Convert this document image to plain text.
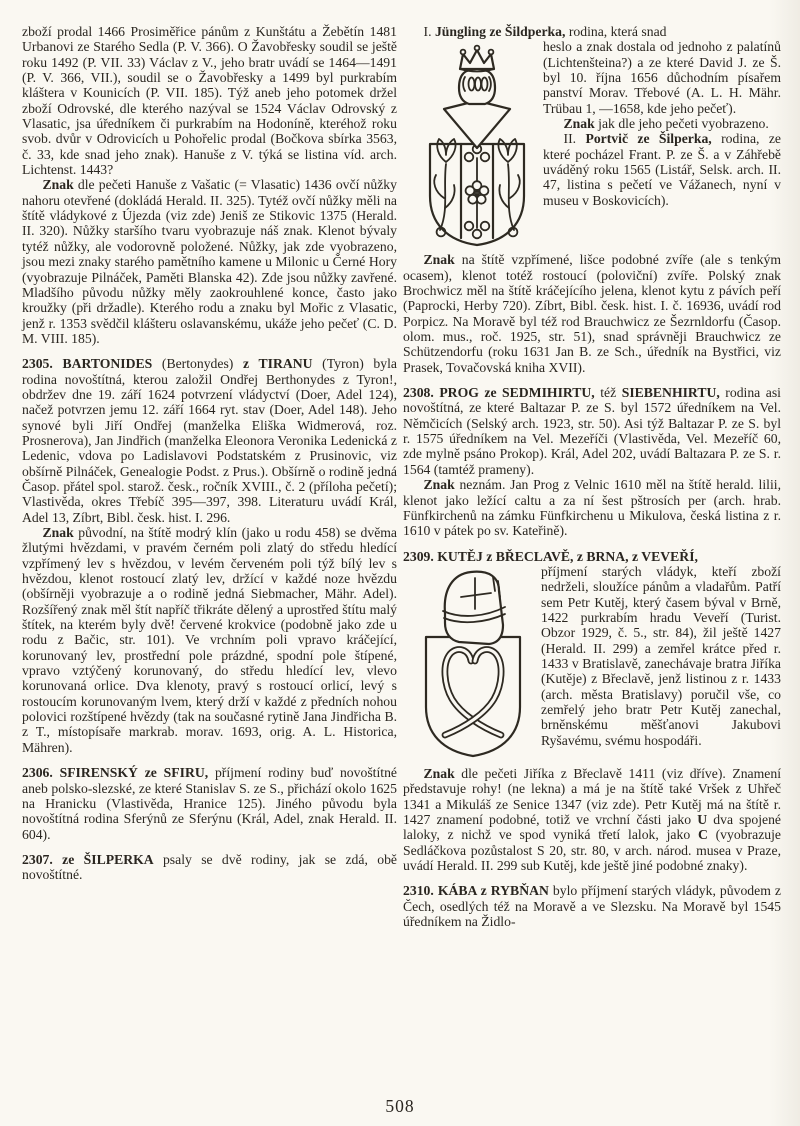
zboží prodal 1466 Prosiměřice pánům z Kunštátu a Žebětín 1481 Urbanovi ze Starého Sedla (P. V. 366). O Žavobřesky soudil se ještě roku 1492 (P. VII. 33) Václav z V., jeho bratr uvádí se 1464—1491 (P. V. 366, VII.), soudil se o Žavobřesky a 1499 byl purkrabím kláštera v Kounicích (P. VII. 185). Týž aneb jeho potomek držel zboží Odrovské, dle kterého nazýval se 1524 Václav Odrovský z Vlasatic, jsa úředníkem či purkrabím na Hodoníně, kteréhož roku svob. dvůr v Odrovicích u Pohořelic prodal (Bočkova sbírka 3563, č. 33, kde snad jeho znak). Hanuše z V. týká se listina víd. arch. Lichtenst. 1443?

Znak dle pečeti Hanuše z Vašatic (= Vlasatic) 1436 ovčí nůžky nahoru otevřené (dokládá Herald. II. 325). Tytéž ovčí nůžky měli na štítě vládykové z Újezda (viz zde) Jeniš ze Stikovic 1375 (Herald. II. 320). Nůžky staršího tvaru vyobrazuje náš znak. Klenot bývaly tytéž nůžky, ale vodorovně položené. Nůžky, jak zde vyobrazeno, jsou mezi znaky starého pamětního kamene u Milonic u Černé Hory (vyobrazuje Pilnáček, Paměti Blanska 42). Zde jsou nůžky zavřené. Mladšího původu nůžky měly zaokrouhlené konce, často jako kroužky (při držadle). Kterého rodu a znaku byl Mořic z Vlasatic, jenž r. 1353 svědčil klášteru oslavanskému, ukáže jeho pečeť (C. D. M. VIII. 185).

2305. BARTONIDES (Bertonydes) z TIRANU (Tyron) byla rodina novoštítná, kterou založil Ondřej Berthonydes z Tyron!, obdržev dne 19. září 1624 potvrzení vládyctví (Doer, Adel 124), načež potvrzen jemu 12. září 1664 ryt. stav (Doer, Adel 148). Jeho synové byli Jiří Ondřej (manželka Eliška Widmerová, roz. Prosnerova), Jan Jindřich (manželka Eleonora Veronika Ledenická z Ledenic, vdova po Ladislavovi Podstatském z Prusinovic, viz obšírně Pilnáček, Genealogie Podst. z Prus.). Obšírně o rodině jedná Časop. přátel spol. starož. česk., ročník XVIII., č. 2 (příloha pečetí); Vlastivěda, okres Třebíč 395—397, 398. Literaturu uvádí Král, Adel 13, Zíbrt, Bibl. česk. hist. I. 296.

Znak původní, na štítě modrý klín (jako u rodu 458) se dvěma žlutými hvězdami, v pravém černém poli zlatý do středu hledící vzpřímený lev s hvězdou, v levém červeném poli týž bílý lev s hvězdou, klenot rostoucí zlatý lev, držící v každé noze hvězdu (obšírněji vyobrazuje a o rodině jedná Siebmacher, Mähr. Adel). Rozšířený znak měl štít napříč třikráte dělený a uprostřed štítu malý štítek, na kterém byly dvě! červené krokvice (podobně jako zde u rodu z Bačic, str. 101). Ve vrchním poli vpravo kráčející, korunovaný lev, prostřední pole prázdné, spodní pole štípené, vpravo vztýčený korunovaný, do středu hledící lev, vlevo korunovaná orlice. Dva klenoty, pravý s rostoucí orlicí, levý s rostoucím korunovaným lvem, který drží v každé z předních nohou polovici rozštípené hvězdy (tak na současné rytině Jana Jindřicha B. z T., místopísaře markrab. morav. 1693, orig. A. L. Historica, Mähren).

2306. SFIRENSKÝ ze SFIRU, příjmení rodiny buď novoštítné aneb polsko-slezské, ze které Stanislav S. ze S., přichází okolo 1625 na Hranicku (Vlastivěda, Hranice 125). Jiného původu byla novoštítná rodina Sferýnů ze Sferýnu (Král, Adel, znak Herald. II. 604).

2307. ze ŠILPERKA psaly se dvě rodiny, jak se zdá, obě novoštítné.

I. Jüngling ze Šildperka, rodina, která snad

heslo a znak dostala od jednoho z palatínů (Lichtenšteina?) a ze které David J. ze Š. byl 10. října 1656 důchodním písařem panství Morav. Třebové (A. L. H. Mähr. Trübau 1, —1658, kde jeho pečeť).

Znak jak dle jeho pečeti vyobrazeno.

II. Portvič ze Šilperka, rodina, ze které pocházel Frant. P. ze Š. a v Záhřebě uváděný roku 1565 (Listář, Selsk. arch. II. 47, listina s pečetí ve Vážanech, nyní v museu v Boskovicích).

Znak na štítě vzpřímené, lišce podobné zvíře (ale s tenkým ocasem), klenot totéž rostoucí (poloviční) zvíře. Polský znak Brochwicz měl na štítě kráčejícího jelena, klenot kytu z pávích peří (Paprocki, Herby 720). Zíbrt, Bibl. česk. hist. I. č. 16936, uvádí rod Porpicz. Na Moravě byl též rod Brauchwicz ze Šezrnldorfu (Časop. olom. mus., roč. 1925, str. 51), snad správněji Brauchwicz ze Schützendorfu (roku 1631 Jan B. ze Sch., úředník na Bystřici, viz Prasek, Tovačovská kniha XVII).

2308. PROG ze SEDMIHIRTU, též SIEBENHIRTU, rodina asi novoštítná, ze které Baltazar P. ze S. byl 1572 úředníkem na Vel. Němčicích (Selský arch. 1923, str. 50). Asi týž Baltazar P. ze S. byl r. 1575 úředníkem na Vel. Mezeříči (Vlastivěda, Vel. Mezeříč 60, zde mylně psáno Prokop). Král, Adel 202, uvádí Baltazara P. ze S. r. 1564 (tamtéž prameny).

Znak neznám. Jan Prog z Velnic 1610 měl na štítě herald. lilii, klenot jako ležící caltu a za ní šest pštrosích per (arch. hrab. Fünfkirchenů na zámku Fünfkirchenu u Mikulova, česká listina z r. 1610 v pátek po sv. Kateřině).

2309. KUTĚJ z BŘECLAVĚ, z BRNA, z VEVEŘÍ,

příjmení starých vládyk, kteří zboží nedrželi, sloužíce pánům a vladařům. Patří sem Petr Kutěj, který časem býval v Brně, 1422 purkrabím hradu Veveří (Turist. Obzor 1929, č. 5., str. 84), žil ještě 1427 (Herald. II. 299) a zemřel krátce před r. 1433 v Bratislavě, zanechávaje bratra Jiříka (Kutěje) z Břeclavě, jenž listinou z r. 1433 (arch. města Bratislavy) poručil vše, co zemřelý jeho bratr Petr Kutěj zanechal, brněnskému měšťanovi Jakubovi Ryšavému, svému hospodáři.

Znak dle pečeti Jiříka z Břeclavě 1411 (viz dříve). Znamení představuje rohy! (ne lekna) a má je na štítě také Vršek z Uhřeč 1341 a Mikuláš ze Senice 1347 (viz zde). Petr Kutěj má na štítě r. 1427 znamení podobné, totiž ve vrchní části jako U dva spojené laloky, z nichž ve spod vyniká třetí lalok, jako C (vyobrazuje Sedláčkova pozůstalost S 20, str. 80, v arch. národ. musea v Praze, uvádí Herald. II. 299 sub Kutěj, kde ještě jiné podobné znaky).

2310. KÁBA z RYBŇAN bylo příjmení starých vládyk, původem z Čech, osedlých též na Moravě a ve Slezsku. Na Moravě byl 1545 úředníkem na Židlo-

508
